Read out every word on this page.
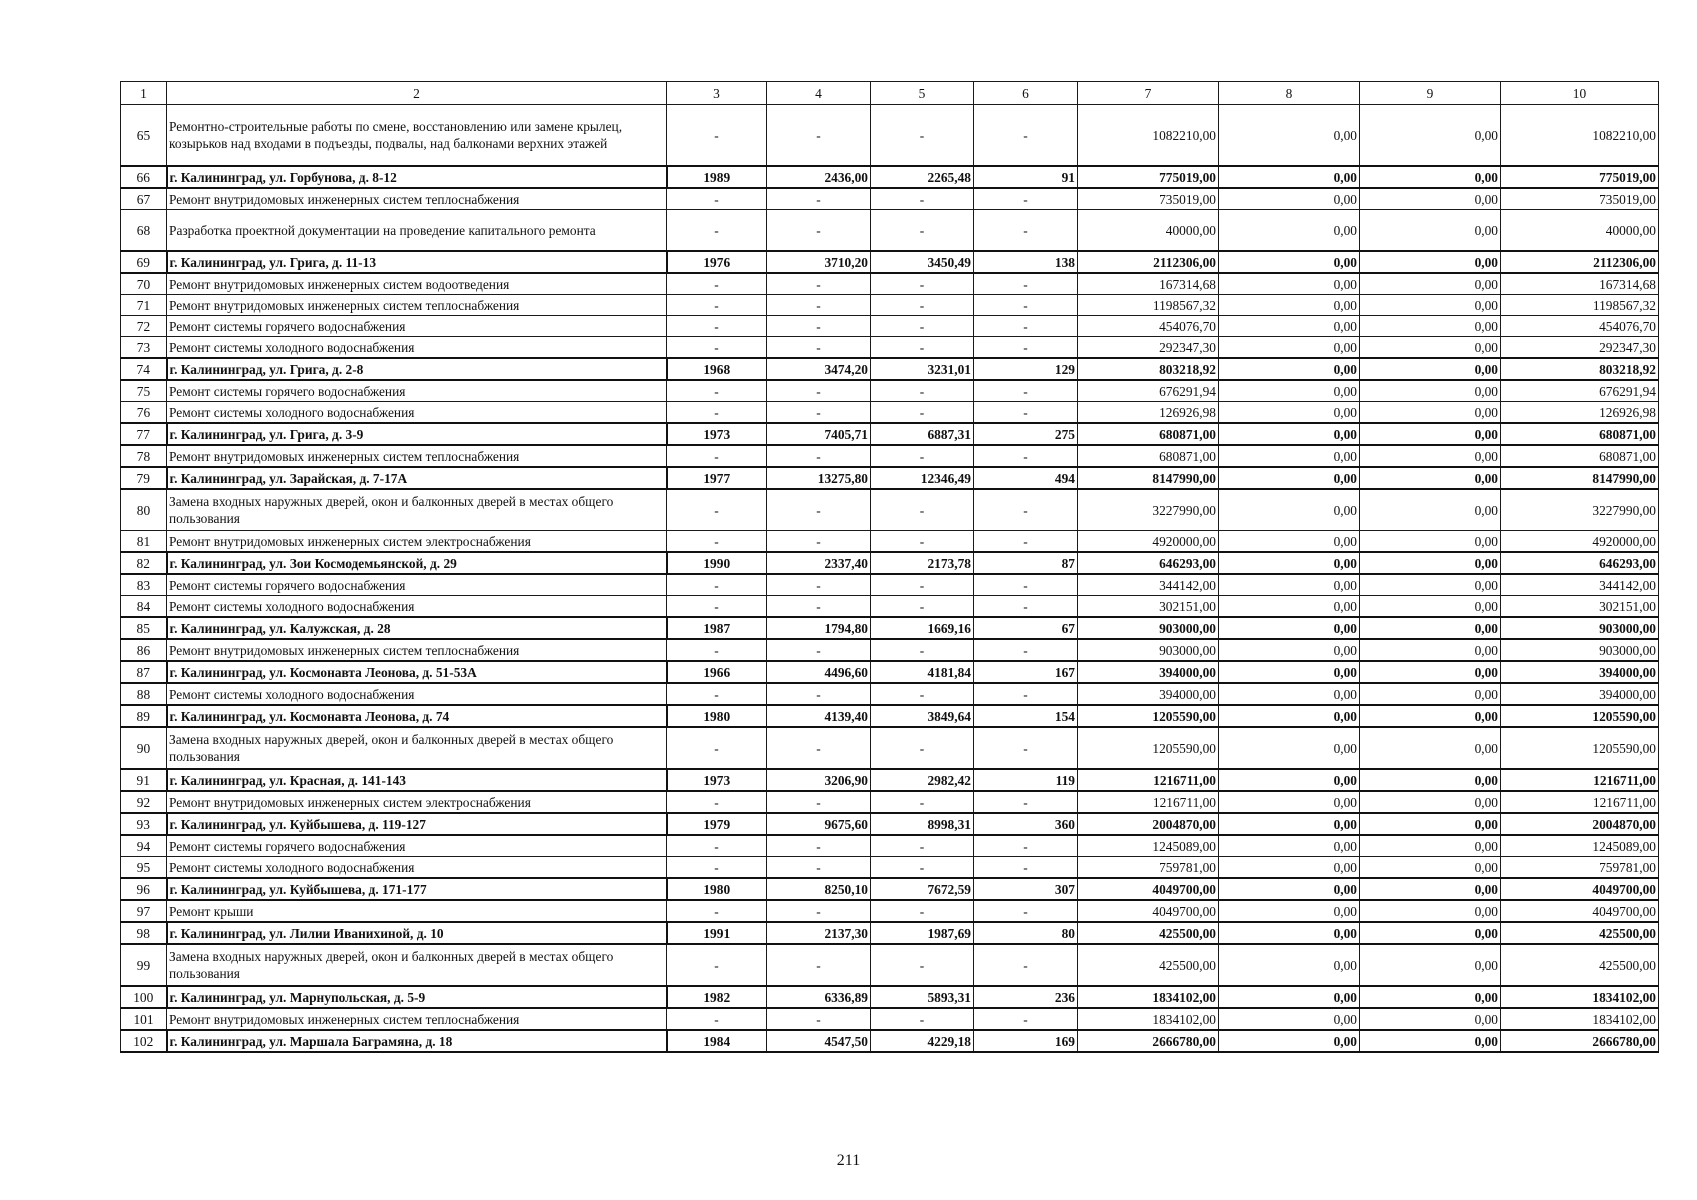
1	2	3	4	5	6	7	8	9	10
65	Ремонтно-строительные работы по смене, восстановлению или замене крылец, козырьков над входами в подъезды, подвалы, над балконами верхних этажей	-	-	-	-	1082210,00	0,00	0,00	1082210,00
66	г. Калининград, ул. Горбунова, д. 8-12	1989	2436,00	2265,48	91	775019,00	0,00	0,00	775019,00
67	Ремонт внутридомовых инженерных систем теплоснабжения	-	-	-	-	735019,00	0,00	0,00	735019,00
68	Разработка проектной документации на проведение капитального ремонта	-	-	-	-	40000,00	0,00	0,00	40000,00
69	г. Калининград, ул. Грига, д. 11-13	1976	3710,20	3450,49	138	2112306,00	0,00	0,00	2112306,00
70	Ремонт внутридомовых инженерных систем водоотведения	-	-	-	-	167314,68	0,00	0,00	167314,68
71	Ремонт внутридомовых инженерных систем теплоснабжения	-	-	-	-	1198567,32	0,00	0,00	1198567,32
72	Ремонт системы горячего водоснабжения	-	-	-	-	454076,70	0,00	0,00	454076,70
73	Ремонт системы холодного водоснабжения	-	-	-	-	292347,30	0,00	0,00	292347,30
74	г. Калининград, ул. Грига, д. 2-8	1968	3474,20	3231,01	129	803218,92	0,00	0,00	803218,92
75	Ремонт системы горячего водоснабжения	-	-	-	-	676291,94	0,00	0,00	676291,94
76	Ремонт системы холодного водоснабжения	-	-	-	-	126926,98	0,00	0,00	126926,98
77	г. Калининград, ул. Грига, д. 3-9	1973	7405,71	6887,31	275	680871,00	0,00	0,00	680871,00
78	Ремонт внутридомовых инженерных систем теплоснабжения	-	-	-	-	680871,00	0,00	0,00	680871,00
79	г. Калининград, ул. Зарайская, д. 7-17А	1977	13275,80	12346,49	494	8147990,00	0,00	0,00	8147990,00
80	Замена входных наружных дверей, окон и балконных дверей в местах общего пользования	-	-	-	-	3227990,00	0,00	0,00	3227990,00
81	Ремонт внутридомовых инженерных систем электроснабжения	-	-	-	-	4920000,00	0,00	0,00	4920000,00
82	г. Калининград, ул. Зои Космодемьянской, д. 29	1990	2337,40	2173,78	87	646293,00	0,00	0,00	646293,00
83	Ремонт системы горячего водоснабжения	-	-	-	-	344142,00	0,00	0,00	344142,00
84	Ремонт системы холодного водоснабжения	-	-	-	-	302151,00	0,00	0,00	302151,00
85	г. Калининград, ул. Калужская, д. 28	1987	1794,80	1669,16	67	903000,00	0,00	0,00	903000,00
86	Ремонт внутридомовых инженерных систем теплоснабжения	-	-	-	-	903000,00	0,00	0,00	903000,00
87	г. Калининград, ул. Космонавта Леонова, д. 51-53А	1966	4496,60	4181,84	167	394000,00	0,00	0,00	394000,00
88	Ремонт системы холодного водоснабжения	-	-	-	-	394000,00	0,00	0,00	394000,00
89	г. Калининград, ул. Космонавта Леонова, д. 74	1980	4139,40	3849,64	154	1205590,00	0,00	0,00	1205590,00
90	Замена входных наружных дверей, окон и балконных дверей в местах общего пользования	-	-	-	-	1205590,00	0,00	0,00	1205590,00
91	г. Калининград, ул. Красная, д. 141-143	1973	3206,90	2982,42	119	1216711,00	0,00	0,00	1216711,00
92	Ремонт внутридомовых инженерных систем электроснабжения	-	-	-	-	1216711,00	0,00	0,00	1216711,00
93	г. Калининград, ул. Куйбышева, д. 119-127	1979	9675,60	8998,31	360	2004870,00	0,00	0,00	2004870,00
94	Ремонт системы горячего водоснабжения	-	-	-	-	1245089,00	0,00	0,00	1245089,00
95	Ремонт системы холодного водоснабжения	-	-	-	-	759781,00	0,00	0,00	759781,00
96	г. Калининград, ул. Куйбышева, д. 171-177	1980	8250,10	7672,59	307	4049700,00	0,00	0,00	4049700,00
97	Ремонт крыши	-	-	-	-	4049700,00	0,00	0,00	4049700,00
98	г. Калининград, ул. Лилии Иванихиной, д. 10	1991	2137,30	1987,69	80	425500,00	0,00	0,00	425500,00
99	Замена входных наружных дверей, окон и балконных дверей в местах общего пользования	-	-	-	-	425500,00	0,00	0,00	425500,00
100	г. Калининград, ул. Марнупольская, д. 5-9	1982	6336,89	5893,31	236	1834102,00	0,00	0,00	1834102,00
101	Ремонт внутридомовых инженерных систем теплоснабжения	-	-	-	-	1834102,00	0,00	0,00	1834102,00
102	г. Калининград, ул. Маршала Баграмяна, д. 18	1984	4547,50	4229,18	169	2666780,00	0,00	0,00	2666780,00
211
